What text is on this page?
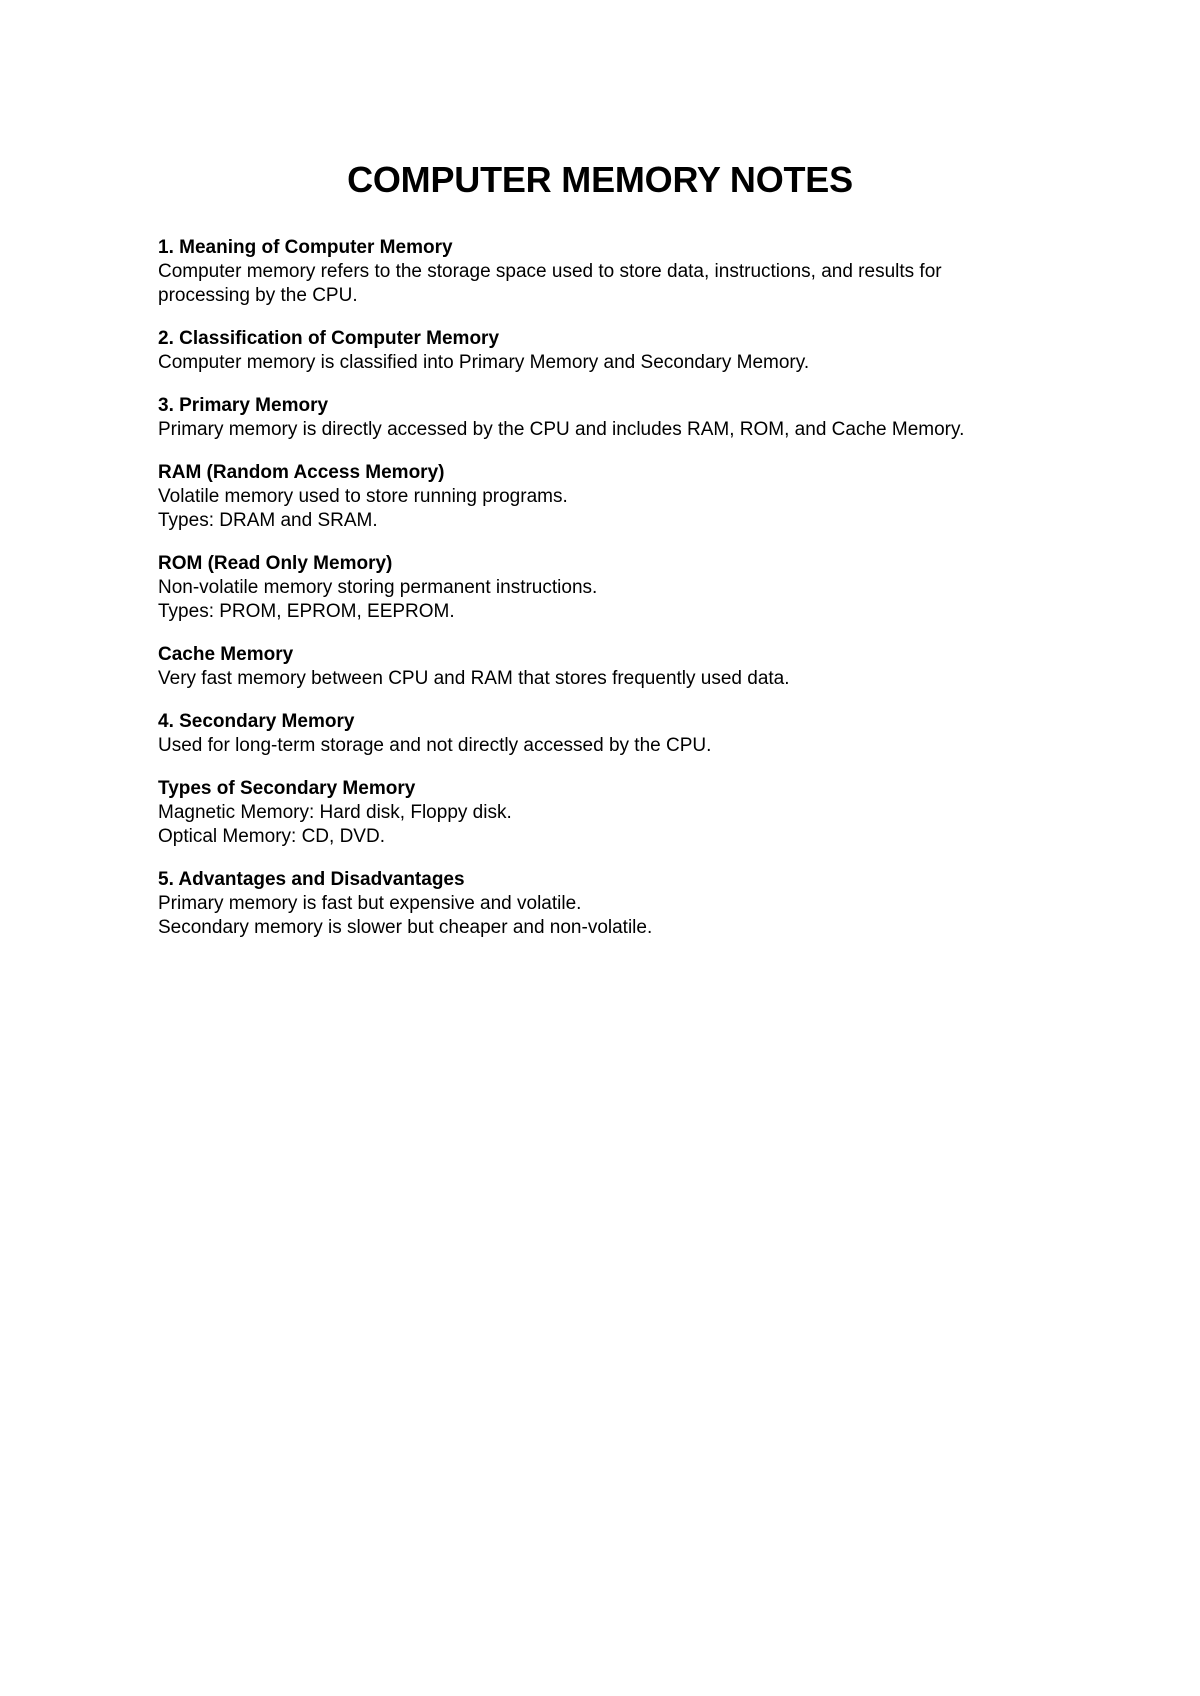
COMPUTER MEMORY NOTES
1. Meaning of Computer Memory
Computer memory refers to the storage space used to store data, instructions, and results for
processing by the CPU.
2. Classification of Computer Memory
Computer memory is classified into Primary Memory and Secondary Memory.
3. Primary Memory
Primary memory is directly accessed by the CPU and includes RAM, ROM, and Cache Memory.
RAM (Random Access Memory)
Volatile memory used to store running programs.
Types: DRAM and SRAM.
ROM (Read Only Memory)
Non-volatile memory storing permanent instructions.
Types: PROM, EPROM, EEPROM.
Cache Memory
Very fast memory between CPU and RAM that stores frequently used data.
4. Secondary Memory
Used for long-term storage and not directly accessed by the CPU.
Types of Secondary Memory
Magnetic Memory: Hard disk, Floppy disk.
Optical Memory: CD, DVD.
5. Advantages and Disadvantages
Primary memory is fast but expensive and volatile.
Secondary memory is slower but cheaper and non-volatile.
